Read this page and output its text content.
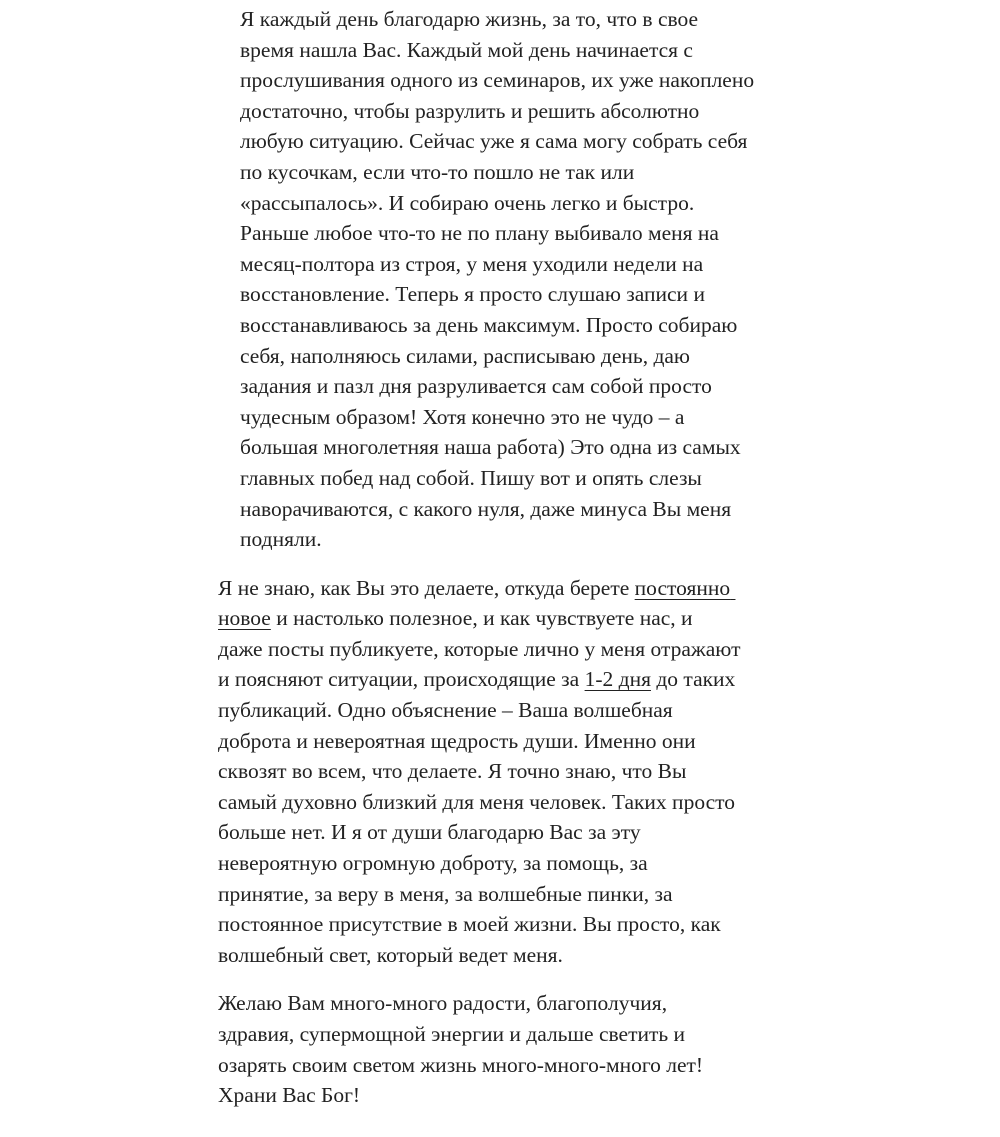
Я каждый день благодарю жизнь, за то, что в свое
время нашла Вас. Каждый мой день начинается с
прослушивания одного из семинаров, их уже накоплено
достаточно, чтобы разрулить и решить абсолютно
любую ситуацию. Сейчас уже я сама могу собрать себя
по кусочкам, если что-то пошло не так или
«рассыпалось». И собираю очень легко и быстро.
Раньше любое что-то не по плану выбивало меня на
месяц-полтора из строя, у меня уходили недели на
восстановление. Теперь я просто слушаю записи и
восстанавливаюсь за день максимум. Просто собираю
себя, наполняюсь силами, расписываю день, даю
задания и пазл дня разруливается сам собой просто
чудесным образом! Хотя конечно это не чудо – а
большая многолетняя наша работа) Это одна из самых
главных побед над собой. Пишу вот и опять слезы
наворачиваются, с какого нуля, даже минуса Вы меня
подняли.

Я не знаю, как Вы это делаете, откуда берете постоянно
новое и настолько полезное, и как чувствуете нас, и
даже посты публикуете, которые лично у меня отражают
и поясняют ситуации, происходящие за 1-2 дня до таких
публикаций. Одно объяснение – Ваша волшебная
доброта и невероятная щедрость души. Именно они
сквозят во всем, что делаете. Я точно знаю, что Вы
самый духовно близкий для меня человек. Таких просто
больше нет. И я от души благодарю Вас за эту
невероятную огромную доброту, за помощь, за
принятие, за веру в меня, за волшебные пинки, за
постоянное присутствие в моей жизни. Вы просто, как
волшебный свет, который ведет меня.

Желаю Вам много-много радости, благополучия,
здравия, супермощной энергии и дальше светить и
озарять своим светом жизнь много-много-много лет!
Храни Вас Бог!
